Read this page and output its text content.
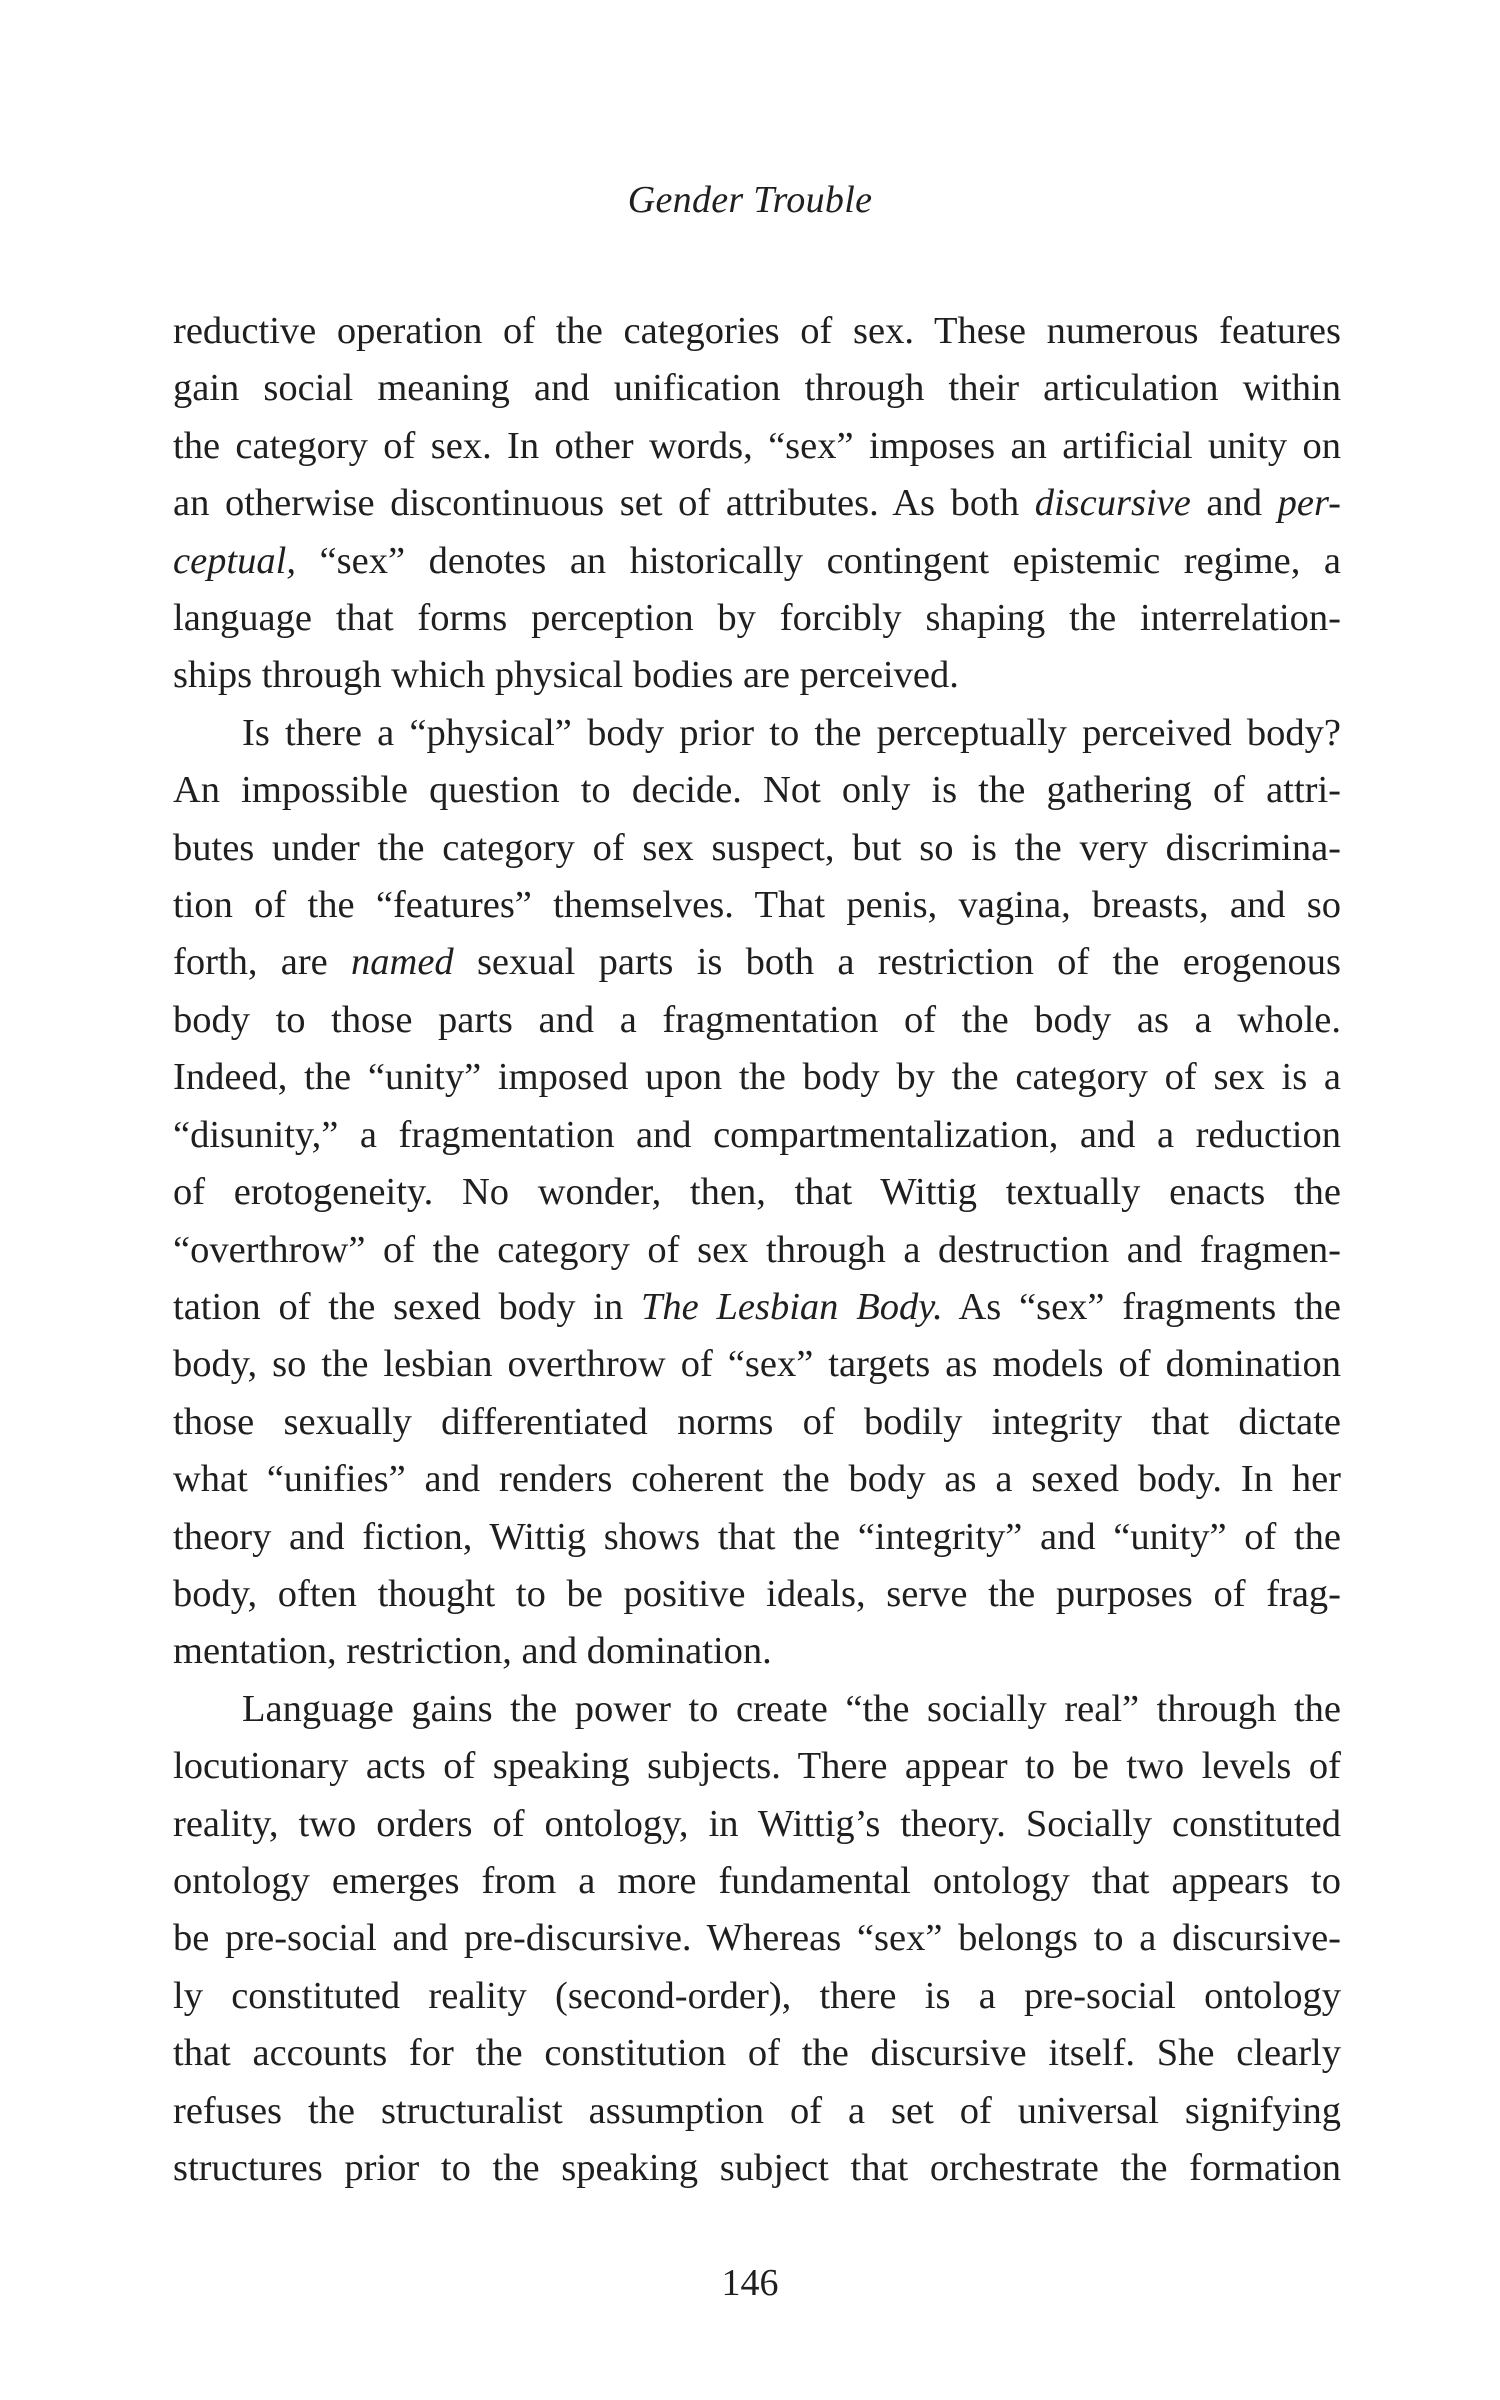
Gender Trouble

reductive operation of the categories of sex. These numerous features
gain social meaning and unification through their articulation within
the category of sex. In other words, “sex” imposes an artificial unity on
an otherwise discontinuous set of attributes. As both discursive and per-
ceptual, “sex” denotes an historically contingent epistemic regime, a
language that forms perception by forcibly shaping the interrelation-
ships through which physical bodies are perceived.

Is there a “physical” body prior to the perceptually perceived body?
An impossible question to decide. Not only is the gathering of attri-
butes under the category of sex suspect, but so is the very discrimina-
tion of the “features” themselves. That penis, vagina, breasts, and so
forth, are named sexual parts is both a restriction of the erogenous
body to those parts and a fragmentation of the body as a whole.
Indeed, the “unity” imposed upon the body by the category of sex is a
“disunity,” a fragmentation and compartmentalization, and a reduction
of erotogeneity. No wonder, then, that Wittig textually enacts the
“overthrow” of the category of sex through a destruction and fragmen-
tation of the sexed body in The Lesbian Body. As “sex” fragments the
body, so the lesbian overthrow of “sex” targets as models of domination
those sexually differentiated norms of bodily integrity that dictate
what “unifies” and renders coherent the body as a sexed body. In her
theory and fiction, Wittig shows that the “integrity” and “unity” of the
body, often thought to be positive ideals, serve the purposes of frag-
mentation, restriction, and domination.

Language gains the power to create “the socially real” through the
locutionary acts of speaking subjects. There appear to be two levels of
reality, two orders of ontology, in Wittig’s theory. Socially constituted
ontology emerges from a more fundamental ontology that appears to
be pre-social and pre-discursive. Whereas “sex” belongs to a discursive-
ly constituted reality (second-order), there is a pre-social ontology
that accounts for the constitution of the discursive itself. She clearly
refuses the structuralist assumption of a set of universal signifying
structures prior to the speaking subject that orchestrate the formation

146
